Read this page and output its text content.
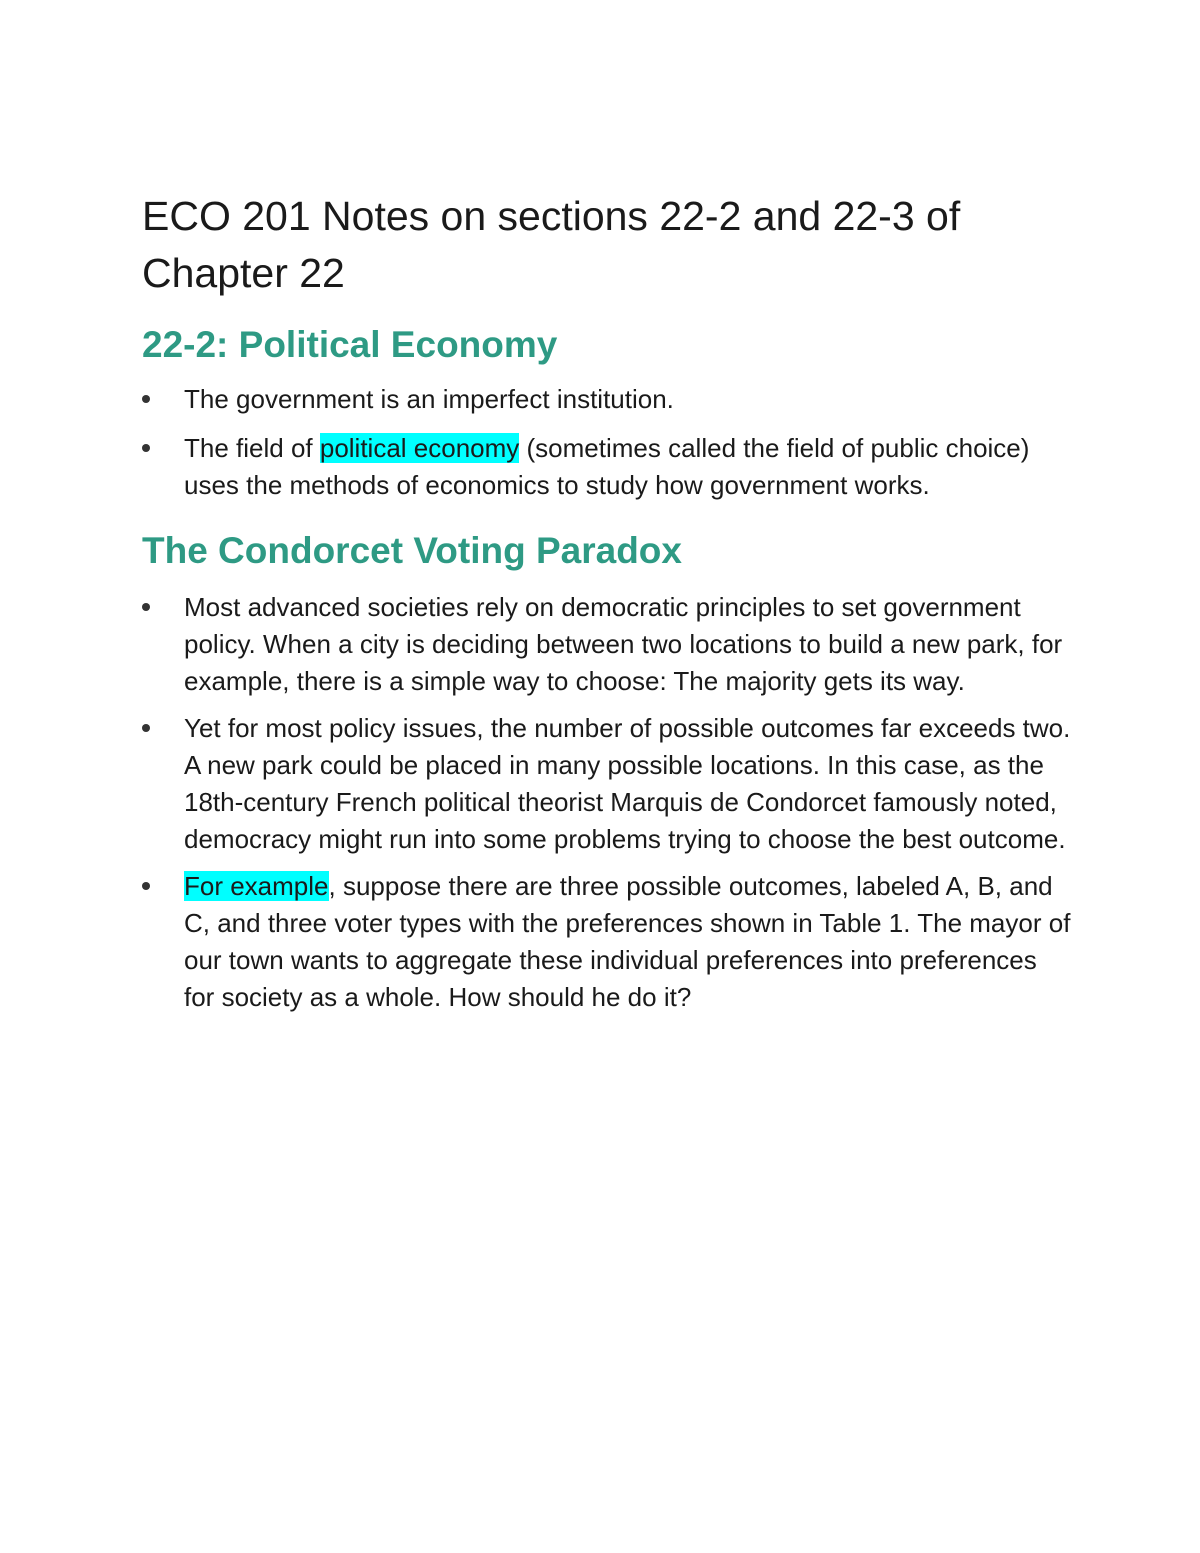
ECO 201 Notes on sections 22-2 and 22-3 of Chapter 22
22-2: Political Economy
The government is an imperfect institution.
The field of political economy (sometimes called the field of public choice) uses the methods of economics to study how government works.
The Condorcet Voting Paradox
Most advanced societies rely on democratic principles to set government policy. When a city is deciding between two locations to build a new park, for example, there is a simple way to choose: The majority gets its way.
Yet for most policy issues, the number of possible outcomes far exceeds two. A new park could be placed in many possible locations. In this case, as the 18th-century French political theorist Marquis de Condorcet famously noted, democracy might run into some problems trying to choose the best outcome.
For example, suppose there are three possible outcomes, labeled A, B, and C, and three voter types with the preferences shown in Table 1. The mayor of our town wants to aggregate these individual preferences into preferences for society as a whole. How should he do it?
